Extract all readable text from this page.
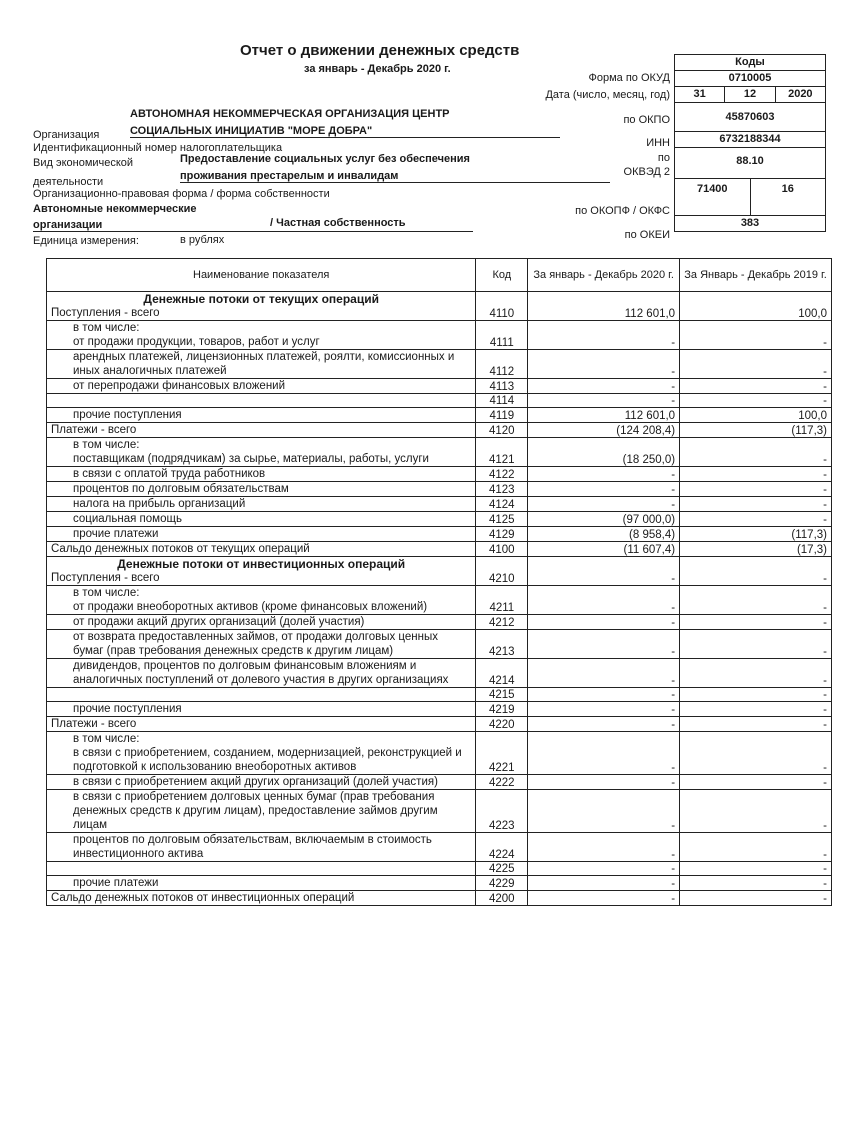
Отчет о движении денежных средств
за январь - Декабрь 2020 г.
Коды
0710005
31	12	2020
45870603
6732188344
88.10
71400	16
383
Форма по ОКУД
Дата (число, месяц, год)
по ОКПО
ИНН
по
ОКВЭД 2
по ОКОПФ / ОКФС
по ОКЕИ
АВТОНОМНАЯ НЕКОММЕРЧЕСКАЯ ОРГАНИЗАЦИЯ ЦЕНТР
Организация	СОЦИАЛЬНЫХ ИНИЦИАТИВ "МОРЕ ДОБРА"
Идентификационный номер налогоплательщика
Вид экономической	Предоставление социальных услуг без обеспечения
деятельности	проживания престарелым и инвалидам
Организационно-правовая форма / форма собственности
Автономные некоммерческие
организации	/ Частная собственность
Единица измерения:	в рублях
Наименование показателя	Код	За январь - Декабрь 2020 г.	За Январь - Декабрь 2019 г.

Денежные потоки от текущих операций
Поступления - всего	4110	112 601,0	100,0

в том числе:
от продажи продукции, товаров, работ и услуг	4111	-	-
арендных платежей, лицензионных платежей, роялти, комиссионных и иных аналогичных платежей	4112	-	-
от перепродажи финансовых вложений	4113	-	-
	4114	-	-
прочие поступления	4119	112 601,0	100,0
Платежи - всего	4120	(124 208,4)	(117,3)

в том числе:
поставщикам (подрядчикам) за сырье, материалы, работы, услуги	4121	(18 250,0)	-
в связи с оплатой труда работников	4122	-	-
процентов по долговым обязательствам	4123	-	-
налога на прибыль организаций	4124	-	-
социальная помощь	4125	(97 000,0)	-
прочие платежи	4129	(8 958,4)	(117,3)
Сальдо денежных потоков от текущих операций	4100	(11 607,4)	(17,3)

Денежные потоки от инвестиционных операций
Поступления - всего	4210	-	-

в том числе:
от продажи внеоборотных активов (кроме финансовых вложений)	4211	-	-
от продажи акций других организаций (долей участия)	4212	-	-
от возврата предоставленных займов, от продажи долговых ценных бумаг (прав требования денежных средств к другим лицам)	4213	-	-
дивидендов, процентов по долговым финансовым вложениям и аналогичных поступлений от долевого участия в других организациях	4214	-	-
	4215	-	-
прочие поступления	4219	-	-
Платежи - всего	4220	-	-

в том числе:
в связи с приобретением, созданием, модернизацией, реконструкцией и подготовкой к использованию внеоборотных активов	4221	-	-
в связи с приобретением акций других организаций (долей участия)	4222	-	-
в связи с приобретением долговых ценных бумаг (прав требования денежных средств к другим лицам), предоставление займов другим лицам	4223	-	-
процентов по долговым обязательствам, включаемым в стоимость инвестиционного актива	4224	-	-
	4225	-	-
прочие платежи	4229	-	-
Сальдо денежных потоков от инвестиционных операций	4200	-	-
